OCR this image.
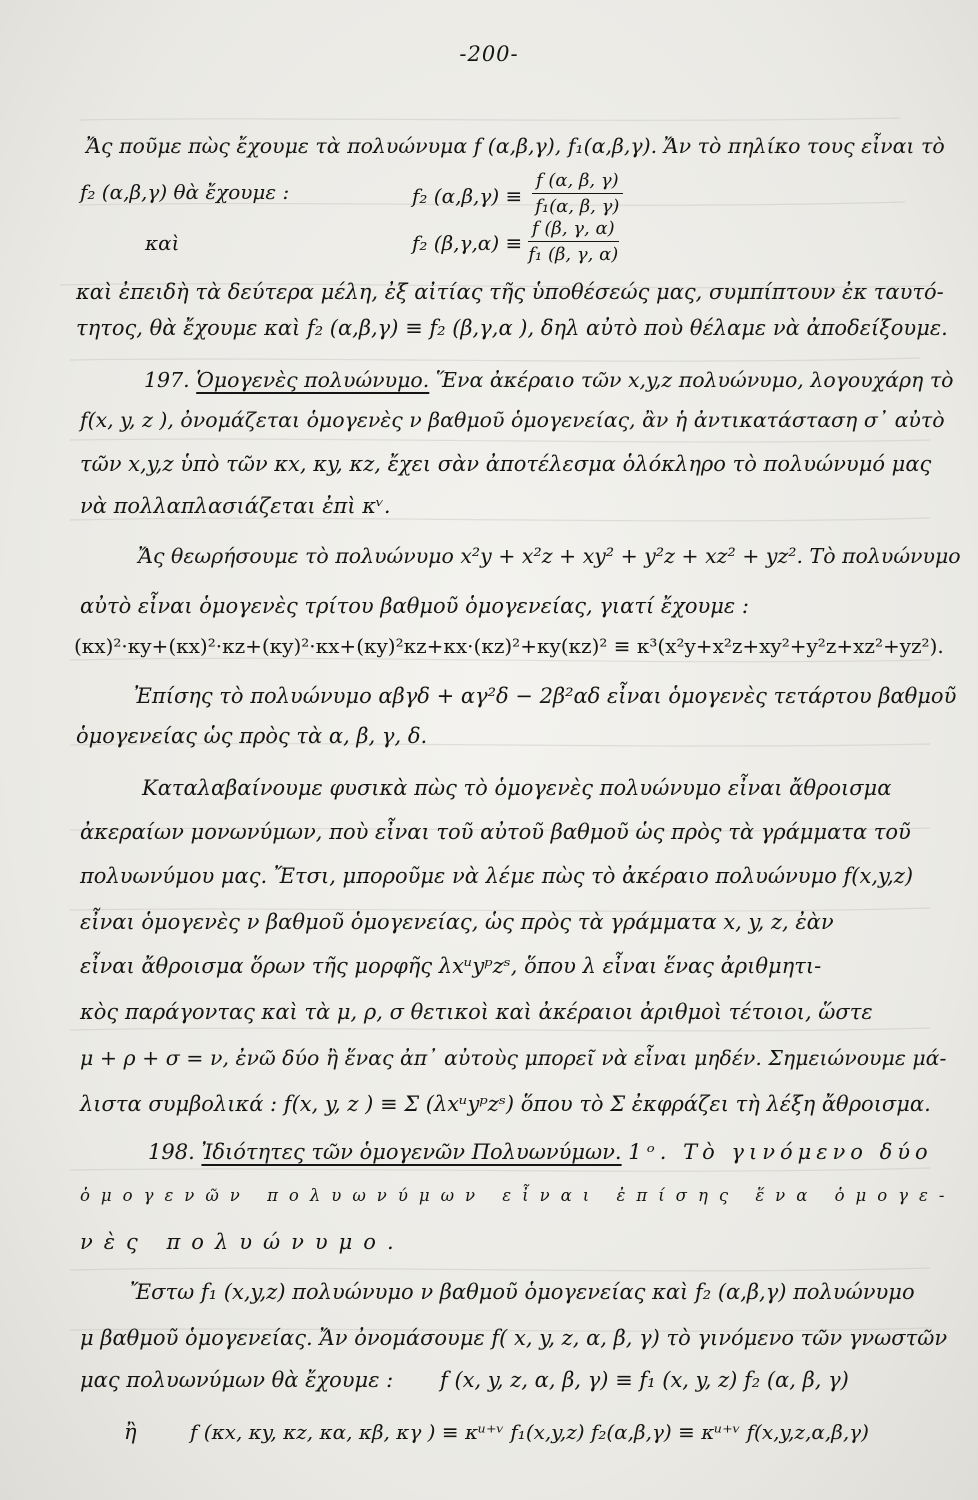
-200-
Ἄς ποῦμε πὼς ἔχουμε τὰ πολυώνυμα f (α,β,γ), f₁(α,β,γ). Ἄν τὸ πηλίκο τους εἶναι τὸ
f₂ (α,β,γ) θὰ ἔχουμε :	f₂ $(\alpha,\beta,\gamma) \equiv \frac{f (\alpha, \beta, \gamma)}{\text{f₁(α, β, γ)}}$
καὶ	f₂ $(\beta,\gamma,\alpha) \equiv \frac{f (\beta, \gamma, \alpha)}{\text{f₁ (β, γ, α)}}$
καὶ ἐπειδὴ τὰ δεύτερα μέλη, ἐξ αἰτίας τῆς ὑποθέσεώς μας, συμπίπτουν ἐκ ταυτό-
τητος, θὰ ἔχουμε καὶ f₂ (α,β,γ) ≡ f₂ (β,γ,α ), δηλ αὐτὸ ποὺ θέλαμε νὰ ἀποδείξουμε.
197. Ὁμογενὲς πολυώνυμο. Ἕνα ἀκέραιο τῶν x,y,z πολυώνυμο, λογουχάρη τὸ
f(x, y, z ), ὀνομάζεται ὁμογενὲς ν βαθμοῦ ὁμογενείας, ἂν ἡ ἀντικατάσταση σ᾽ αὐτὸ
τῶν x,y,z ὑπὸ τῶν κx, κy, κz, ἔχει σὰν ἀποτέλεσμα ὁλόκληρο τὸ πολυώνυμό μας
νὰ πολλαπλασιάζεται ἐπὶ κᵛ.
Ἄς θεωρήσουμε τὸ πολυώνυμο x²y + x²z + xy² + y²z + xz² + yz². Τὸ πολυώνυμο
αὐτὸ εἶναι ὁμογενὲς τρίτου βαθμοῦ ὁμογενείας, γιατί ἔχουμε :
(κx)²·κy+(κx)²·κz+(κy)²·κx+(κy)²κz+κx·(κz)²+κy(κz)² ≡ κ³(x²y+x²z+xy²+y²z+xz²+yz²).
Ἐπίσης τὸ πολυώνυμο αβγδ + αγ²δ − 2β²αδ εἶναι ὁμογενὲς τετάρτου βαθμοῦ
ὁμογενείας ὡς πρὸς τὰ α, β, γ, δ.
Καταλαβαίνουμε φυσικὰ πὼς τὸ ὁμογενὲς πολυώνυμο εἶναι ἄθροισμα
ἀκεραίων μονωνύμων, ποὺ εἶναι τοῦ αὐτοῦ βαθμοῦ ὡς πρὸς τὰ γράμματα τοῦ
πολυωνύμου μας. Ἔτσι, μποροῦμε νὰ λέμε πὼς τὸ ἀκέραιο πολυώνυμο f(x,y,z)
εἶναι ὁμογενὲς ν βαθμοῦ ὁμογενείας, ὡς πρὸς τὰ γράμματα x, y, z, ἐὰν
εἶναι ἄθροισμα ὅρων τῆς μορφῆς λxᵘyᵖzˢ, ὅπου λ εἶναι ἕνας ἀριθμητι-
κὸς παράγοντας καὶ τὰ μ, ρ, σ θετικοὶ καὶ ἀκέραιοι ἀριθμοὶ τέτοιοι, ὥστε
μ + ρ + σ = ν, ἐνῶ δύο ἢ ἕνας ἀπ᾽ αὐτοὺς μπορεῖ νὰ εἶναι μηδέν. Σημειώνουμε μά-
λιστα συμβολικά : f(x, y, z ) ≡ Σ (λxᵘyᵖzˢ) ὅπου τὸ Σ ἐκφράζει τὴ λέξη ἄθροισμα.
198. Ἰδιότητες τῶν ὁμογενῶν Πολυωνύμων. 1ᵒ. Τὸ γινόμενο δύο
ὁμογενῶν πολυωνύμων εἶναι ἐπίσης ἕνα ὁμογε-
νὲς πολυώνυμο.
Ἔστω f₁ (x,y,z) πολυώνυμο ν βαθμοῦ ὁμογενείας καὶ f₂ (α,β,γ) πολυώνυμο
μ βαθμοῦ ὁμογενείας. Ἄν ὀνομάσουμε f( x, y, z, α, β, γ) τὸ γινόμενο τῶν γνωστῶν
μας πολυωνύμων θὰ ἔχουμε : f (x, y, z, α, β, γ) ≡ f₁ (x, y, z) f₂ (α, β, γ)
ἢ	f (κx, κy, κz, κα, κβ, κγ ) ≡ κᵘ⁺ᵛ f₁(x,y,z) f₂(α,β,γ) ≡ κᵘ⁺ᵛ f(x,y,z,α,β,γ)
